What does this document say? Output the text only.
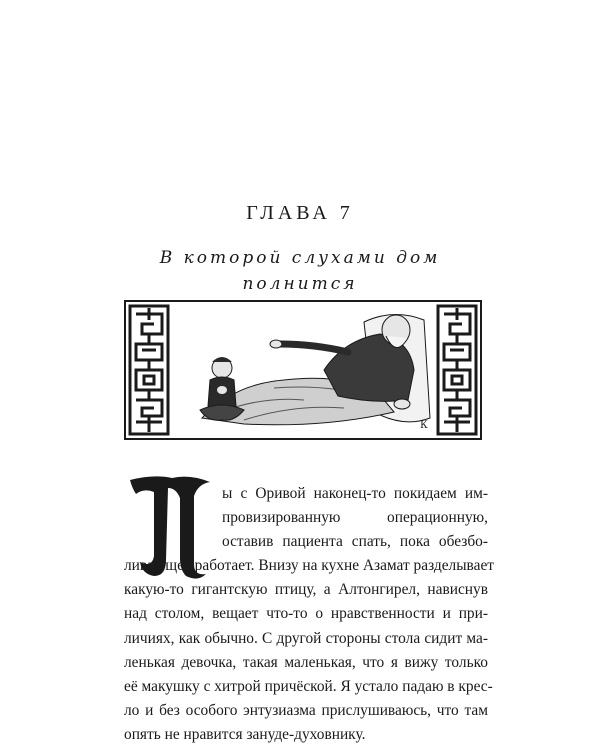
ГЛАВА 7
В которой слухами дом
полнится
К
М
ы с Оривой наконец-то покидаем им-
провизированную операционную,
оставив пациента спать, пока обезбо-
ливающее работает. Внизу на кухне Азамат разделывает
какую-то гигантскую птицу, а Алтонгирел, нависнув
над столом, вещает что-то о нравственности и при-
личиях, как обычно. С другой стороны стола сидит ма-
ленькая девочка, такая маленькая, что я вижу только
её макушку с хитрой причёской. Я устало падаю в крес-
ло и без особого энтузиазма прислушиваюсь, что там
опять не нравится зануде-духовнику.
